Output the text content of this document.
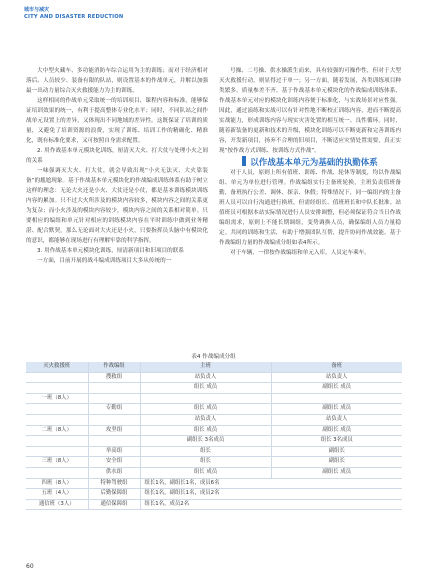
城市与减灾
CITY AND DISASTER REDUCTION

大中型火藏车、多功能消防车综合运用为主的训练；而对于经济相对落后、人员较少、装备有限的队站，则设置基本的作战单元，并解以加强最一出动力量综合灭火救援能力为主的训练。

这样相同的作战单元采取统一的培训项目、课程内容和标准，能够保证培训效果的统一，有利于提高整体专业化水平；同时，不同队站之间作战单元设置上的差异，又体现出不同地域的差异性。这既保证了培训的质量，又避免了培训资源的浪费，实现了训练、培训工作的精确化、精准化，既有标准化要求，又可按照自身需求配置。

2. 用作战基本单元模块化训练，厘清灭大火、打大仗与处理小火之间的关系

一味强调灭大火、打大仗，就会导致出现“小火无法灭、大火靠装备”的尴尬现象。基于作战基本单元模块化的作战编成训练体系有助于树立这样的理念：无论大火还是小火、大仗还是小仗，都是基本训练模块训练内容的累加。只不过大火所涉及的模块内容较多，模块内容之间的关系更为复杂；而小火涉及的模块内容较少，模块内容之间的关系相对简单。只要相应的编组和单元针对相应的训练模块内容在平时训练中做到业务精湛、配合默契，那么无论面对大火还是小火，只要指挥员头脑中有模块化的意识，都能够在现场进行有理解牢靠的科学指挥。

3. 用作战基本单元模块化训练，厘清新项目和旧项目的联系

一方面，目前开展的战斗编成训练项目大多从传统的一

号操、二号操、供水操派生而来，具有较强的可操作性，但对于大型灭火救援行动，则显得过于单一；另一方面，随着发展，各类训练项目种类繁多，质量参差不齐。基于作战基本单元模块化的作战编成训练体系，作战基本单元对应的模块化训练内容便于标准化，与实战场景对应性强。因此，通过演练和实战可以有针对性地不断校正训练内容，进而不断提高实战能力，形成训练内容与现实灾害处置的相互统一、良性循环。同时，随着新装备的更新和技术的升级，模块化训练可以不断更新和完善训练内容，开发新项目，扬弃不合理的旧项目，不断适应灾情处置需要，真正实现“按作战方式训练、按训练方式作战”。

以作战基本单元为基础的执勤体系

对于人员，原则上所有值班、训练、作战、轮休等制度，均以作战编组、单元为单位进行管理。作战编组实行主备班轮换，主班负责值班备勤，备班执行公差、调休、探亲、休假；特殊情况下，同一编组内的主备班人员可以自行沟通进行换班，但需经组长、值班班长和中队长批准。站值班员可根据本站实际情况进行人员安排调整，但必须保证符合当日作战编组需求，原则上不能长期调组，变势调换人员，确保编组人员力量稳定。共同的训练和生活，有助于增强团队互帮，提升协同作战效能。基于作战编组力量的作战编成分组如表4所示。

对于车辆，一律按作战编组和单元入库，人员定车乘车。

表4 作战编成分组
灭火救援班	作战编组	主班	备班
	搜救组	站负责人	站负责人
		组长 成员	副组长 成员
一班（8人）			
	专勤组	组长 成员	副组长 成员
		站负责人	站负责人
二班（8人）	攻坚组	组长 成员	副组长 成员
		副组长 3名成员	组长 3名成员
	举高组	组长	副组长
三班（8人）	安全组	组长	副组长
	供水组	组长 成员	副组长 成员
四班（8人）	特种驾驶组	组长1名，副组长1名，成员6名	
五班（4人）	后勤保障组	组长1名，副组长1名，成员2名	
通信班（3人）	通信保障组	组长1名，成员2名	
60
